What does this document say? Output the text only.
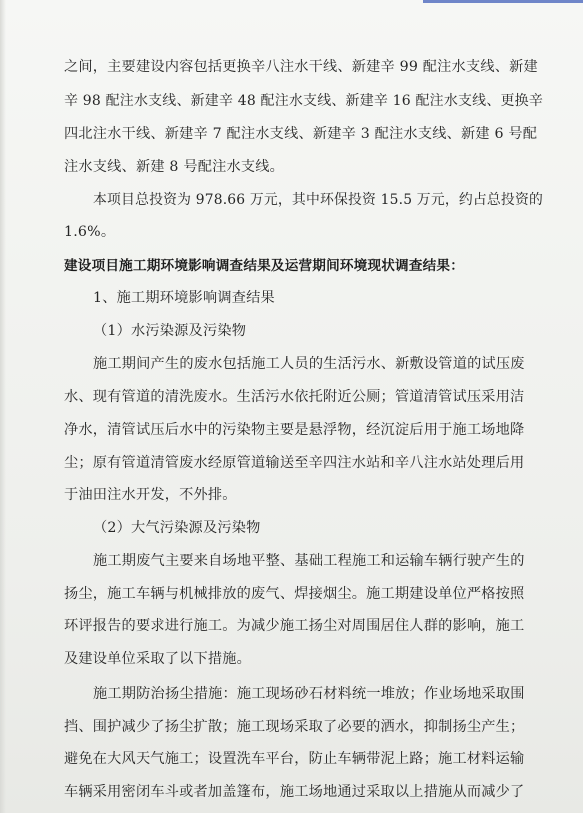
之间，主要建设内容包括更换辛八注水干线、新建辛 99 配注水支线、新建
辛 98 配注水支线、新建辛 48 配注水支线、新建辛 16 配注水支线、更换辛
四北注水干线、新建辛 7 配注水支线、新建辛 3 配注水支线、新建 6 号配
注水支线、新建 8 号配注水支线。
本项目总投资为 978.66 万元，其中环保投资 15.5 万元，约占总投资的
1.6%。
建设项目施工期环境影响调查结果及运营期间环境现状调查结果：
1、施工期环境影响调查结果
（1）水污染源及污染物
施工期间产生的废水包括施工人员的生活污水、新敷设管道的试压废
水、现有管道的清洗废水。生活污水依托附近公厕；管道清管试压采用洁
净水，清管试压后水中的污染物主要是悬浮物，经沉淀后用于施工场地降
尘；原有管道清管废水经原管道输送至辛四注水站和辛八注水站处理后用
于油田注水开发，不外排。
（2）大气污染源及污染物
施工期废气主要来自场地平整、基础工程施工和运输车辆行驶产生的
扬尘，施工车辆与机械排放的废气、焊接烟尘。施工期建设单位严格按照
环评报告的要求进行施工。为减少施工扬尘对周围居住人群的影响，施工
及建设单位采取了以下措施。
施工期防治扬尘措施：施工现场砂石材料统一堆放；作业场地采取围
挡、围护减少了扬尘扩散；施工现场采取了必要的洒水，抑制扬尘产生；
避免在大风天气施工；设置洗车平台，防止车辆带泥上路；施工材料运输
车辆采用密闭车斗或者加盖篷布，施工场地通过采取以上措施从而减少了
